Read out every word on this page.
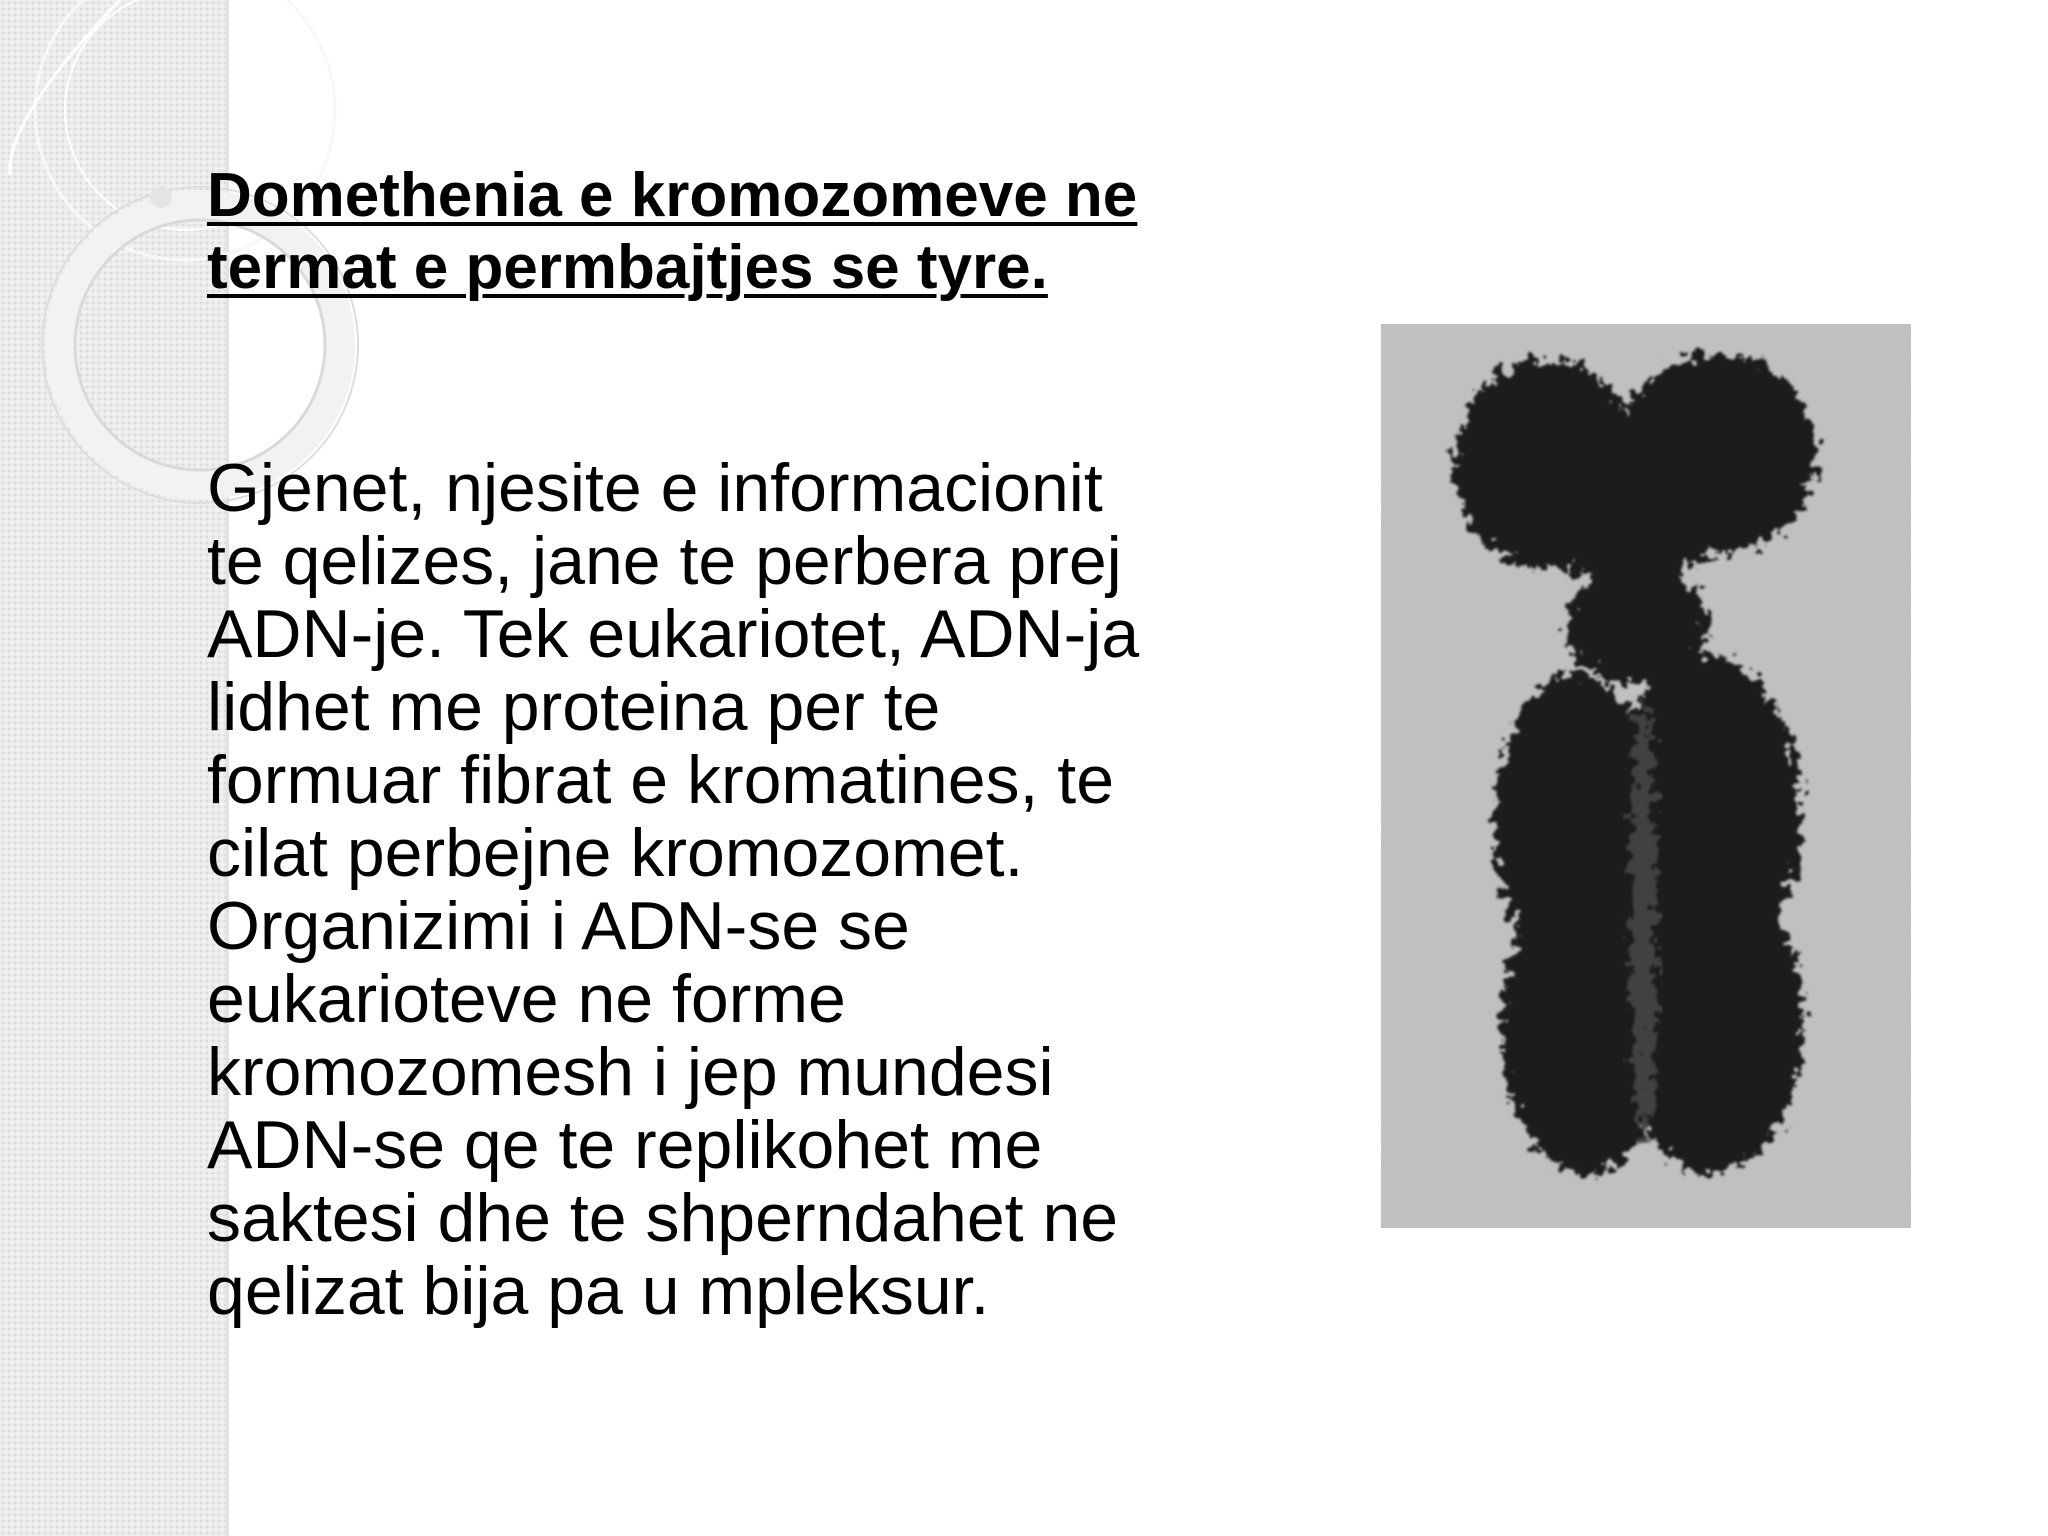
Domethenia e kromozomeve ne termat e permbajtjes se tyre.

Gjenet, njesite e informacionit
te qelizes, jane te perbera prej
ADN-je. Tek eukariotet, ADN-ja
lidhet me proteina per te
formuar fibrat e kromatines, te
cilat perbejne kromozomet.
Organizimi i ADN-se se
eukarioteve ne forme
kromozomesh i jep mundesi
ADN-se qe te replikohet me
saktesi dhe te shperndahet ne
qelizat bija pa u mpleksur.
